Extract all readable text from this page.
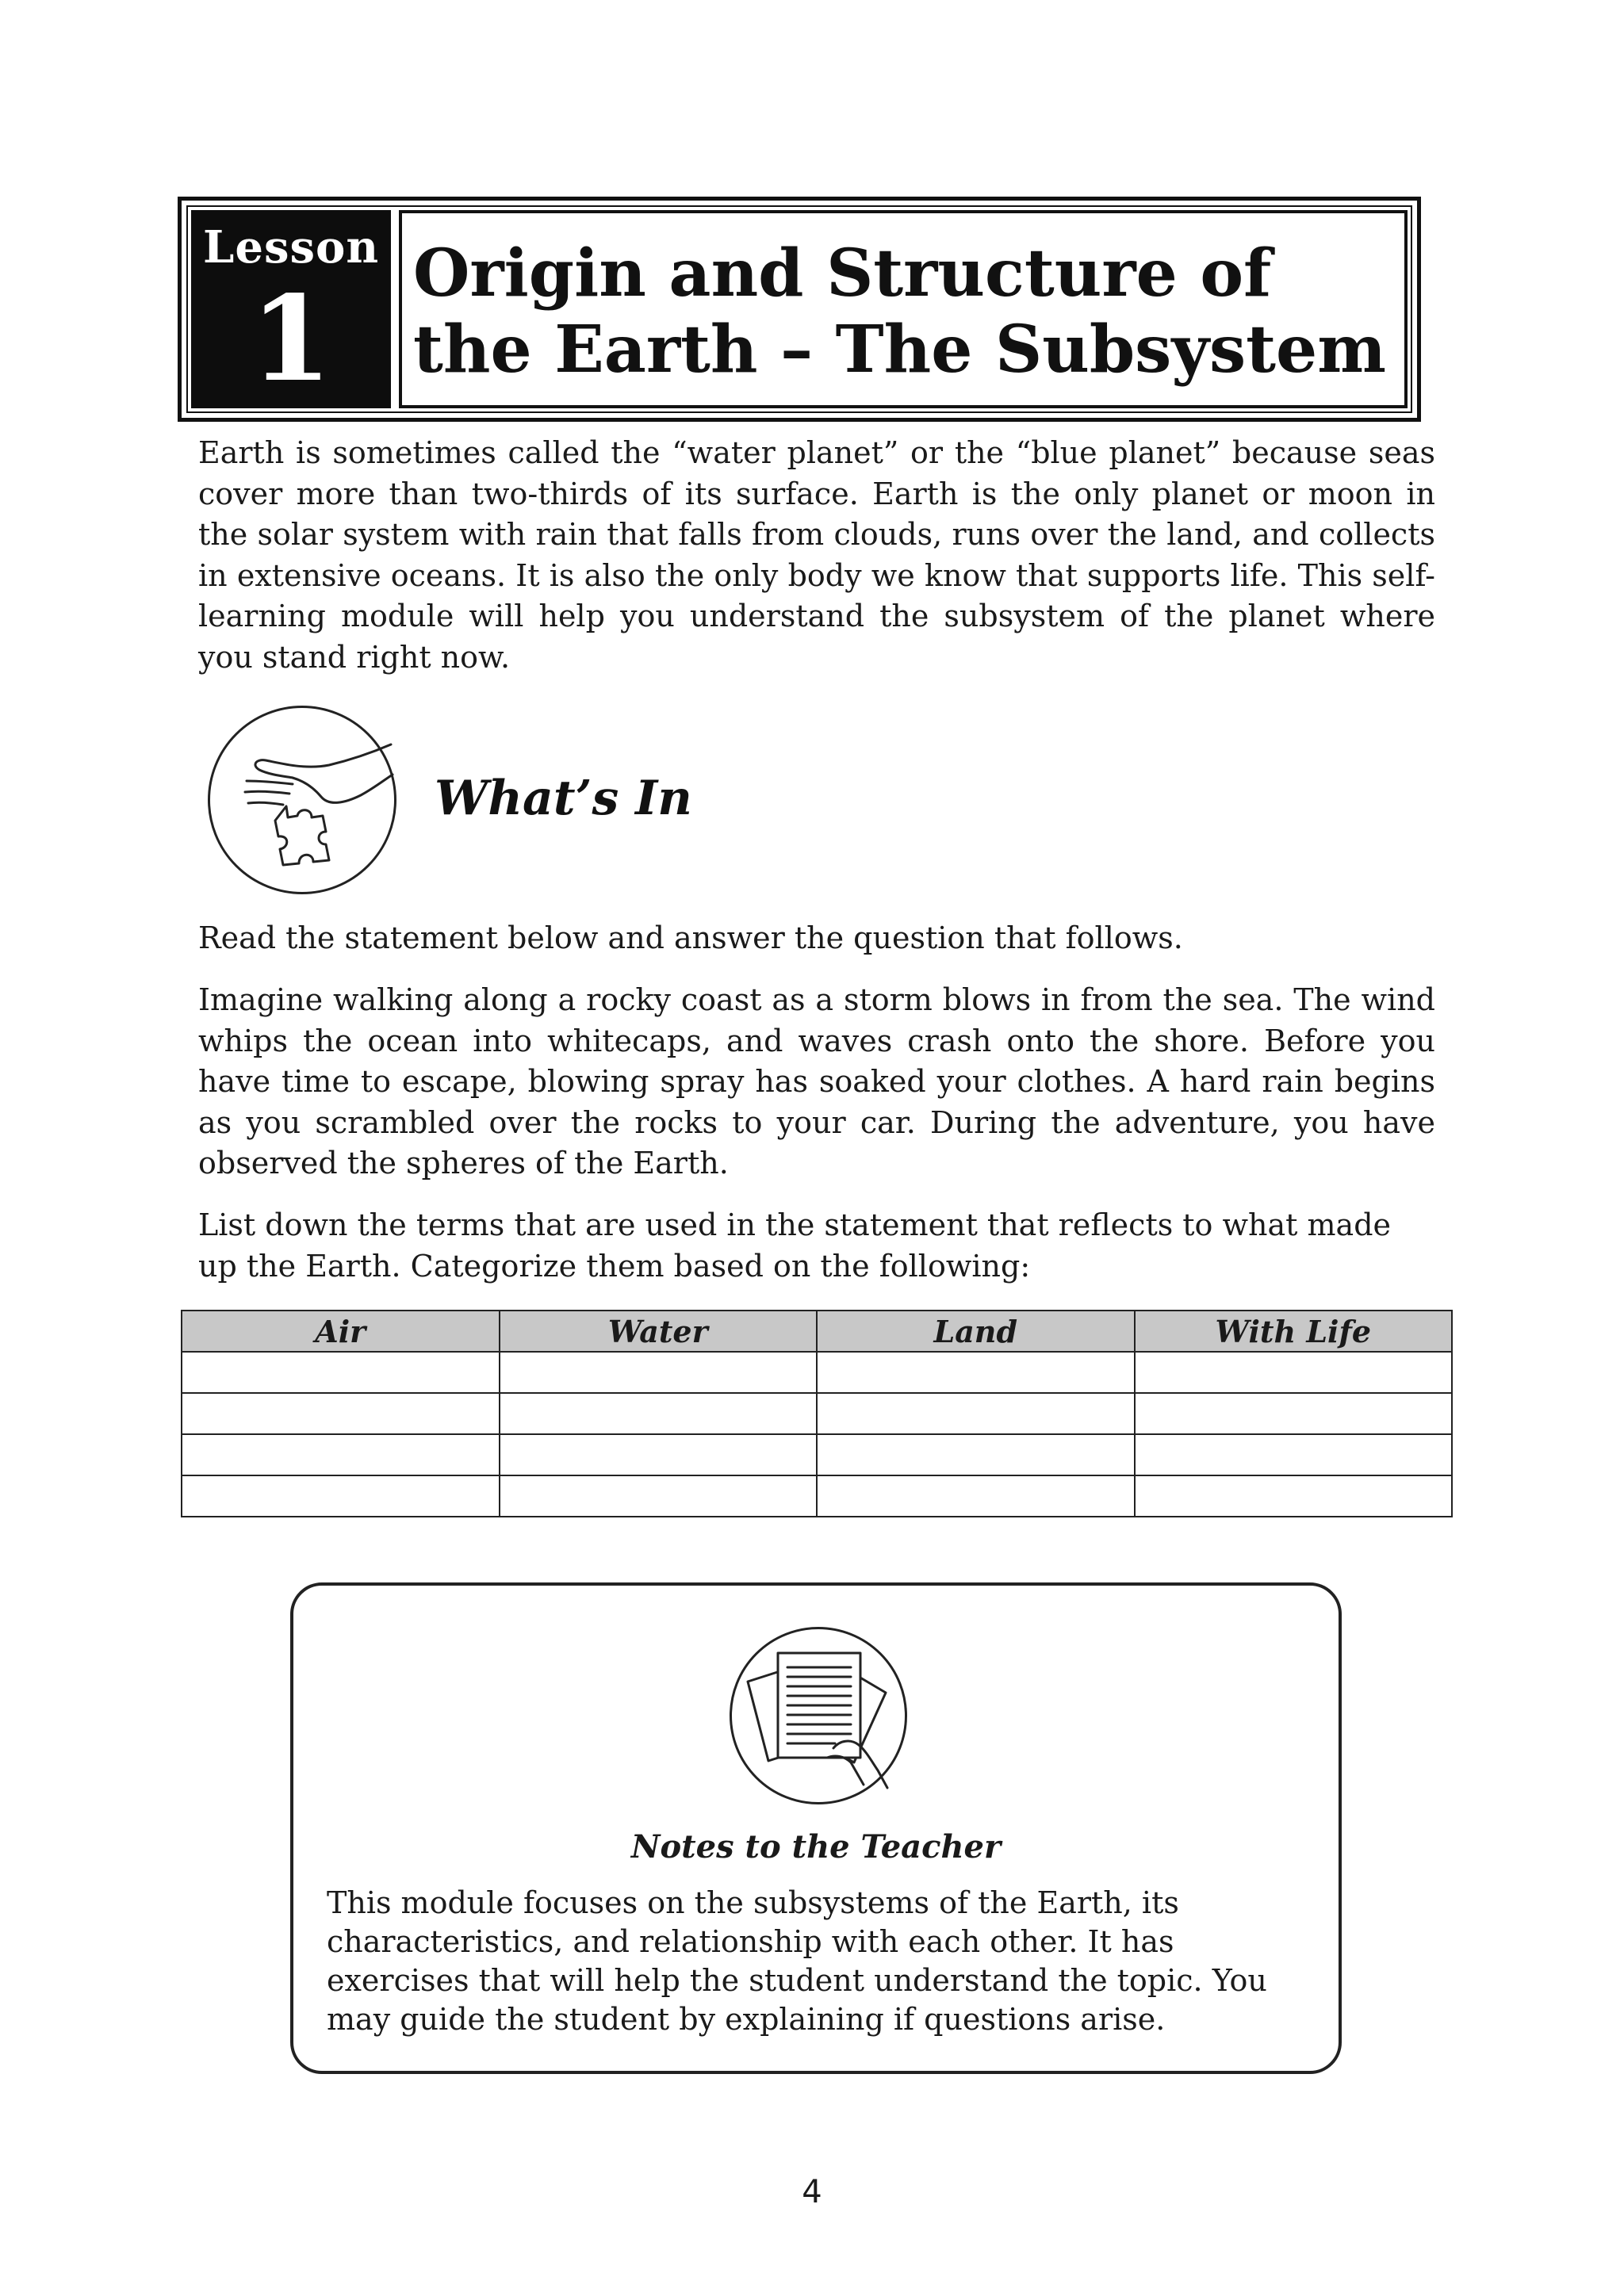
Lesson
1	Origin and Structure of the Earth – The Subsystem

Earth is sometimes called the “water planet” or the “blue planet” because seas cover more than two-thirds of its surface. Earth is the only planet or moon in the solar system with rain that falls from clouds, runs over the land, and collects in extensive oceans. It is also the only body we know that supports life. This self-learning module will help you understand the subsystem of the planet where you stand right now.

What’s In

Read the statement below and answer the question that follows.

Imagine walking along a rocky coast as a storm blows in from the sea. The wind whips the ocean into whitecaps, and waves crash onto the shore. Before you have time to escape, blowing spray has soaked your clothes. A hard rain begins as you scrambled over the rocks to your car. During the adventure, you have observed the spheres of the Earth.

List down the terms that are used in the statement that reflects to what made up the Earth. Categorize them based on the following:

Air	Water	Land	With Life

Notes to the Teacher

This module focuses on the subsystems of the Earth, its characteristics, and relationship with each other. It has exercises that will help the student understand the topic. You may guide the student by explaining if questions arise.

4
